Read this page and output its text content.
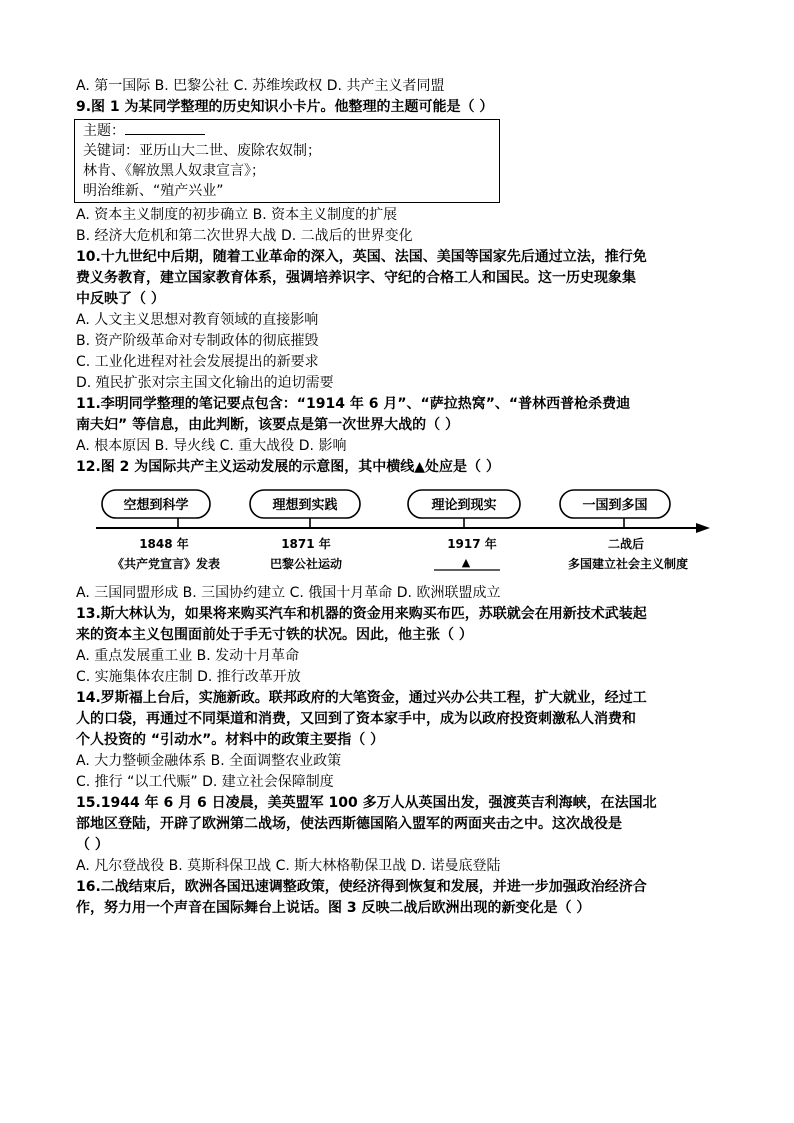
A. 第一国际 B. 巴黎公社 C. 苏维埃政权 D. 共产主义者同盟
9.图 1 为某同学整理的历史知识小卡片。他整理的主题可能是（ ）
主题：
关键词：亚历山大二世、废除农奴制；
林肯、《解放黑人奴隶宣言》；
明治维新、“殖产兴业”
A. 资本主义制度的初步确立 B. 资本主义制度的扩展
B. 经济大危机和第二次世界大战 D. 二战后的世界变化
10.十九世纪中后期，随着工业革命的深入，英国、法国、美国等国家先后通过立法，推行免
费义务教育，建立国家教育体系，强调培养识字、守纪的合格工人和国民。这一历史现象集
中反映了（ ）
A. 人文主义思想对教育领域的直接影响
B. 资产阶级革命对专制政体的彻底摧毁
C. 工业化进程对社会发展提出的新要求
D. 殖民扩张对宗主国文化输出的迫切需要
11.李明同学整理的笔记要点包含：“1914 年 6 月”、“萨拉热窝”、“普林西普枪杀费迪
南夫妇” 等信息，由此判断，该要点是第一次世界大战的（ ）
A. 根本原因 B. 导火线 C. 重大战役 D. 影响
12.图 2 为国际共产主义运动发展的示意图，其中横线▲处应是（ ）
空想到科学	理想到实践	理论到现实	一国到多国
1848 年	1871 年	1917 年	二战后
《共产党宣言》发表	巴黎公社运动	▲	多国建立社会主义制度
A. 三国同盟形成 B. 三国协约建立 C. 俄国十月革命 D. 欧洲联盟成立
13.斯大林认为，如果将来购买汽车和机器的资金用来购买布匹，苏联就会在用新技术武装起
来的资本主义包围面前处于手无寸铁的状况。因此，他主张（ ）
A. 重点发展重工业 B. 发动十月革命
C. 实施集体农庄制 D. 推行改革开放
14.罗斯福上台后，实施新政。联邦政府的大笔资金，通过兴办公共工程，扩大就业，经过工
人的口袋，再通过不同渠道和消费，又回到了资本家手中，成为以政府投资刺激私人消费和
个人投资的 “引动水”。材料中的政策主要指（ ）
A. 大力整顿金融体系 B. 全面调整农业政策
C. 推行 “以工代赈” D. 建立社会保障制度
15.1944 年 6 月 6 日凌晨，美英盟军 100 多万人从英国出发，强渡英吉利海峡，在法国北
部地区登陆，开辟了欧洲第二战场，使法西斯德国陷入盟军的两面夹击之中。这次战役是
（ ）
A. 凡尔登战役 B. 莫斯科保卫战 C. 斯大林格勒保卫战 D. 诺曼底登陆
16.二战结束后，欧洲各国迅速调整政策，使经济得到恢复和发展，并进一步加强政治经济合
作，努力用一个声音在国际舞台上说话。图 3 反映二战后欧洲出现的新变化是（ ）
